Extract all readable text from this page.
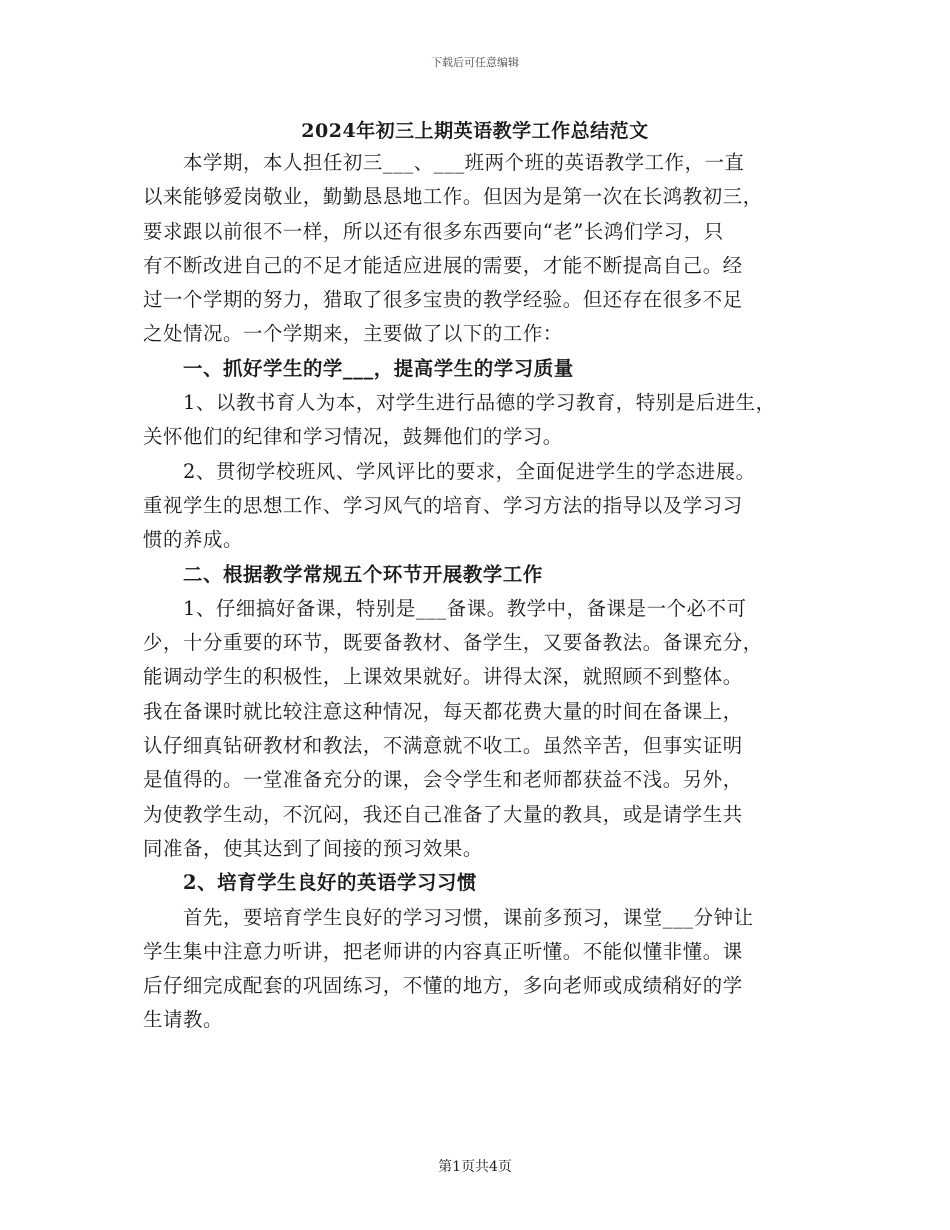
下载后可任意编辑
2024年初三上期英语教学工作总结范文
本学期，本人担任初三___、___班两个班的英语教学工作，一直
以来能够爱岗敬业，勤勤恳恳地工作。但因为是第一次在长鸿教初三，
要求跟以前很不一样，所以还有很多东西要向“老”长鸿们学习，只
有不断改进自己的不足才能适应进展的需要，才能不断提高自己。经
过一个学期的努力，猎取了很多宝贵的教学经验。但还存在很多不足
之处情况。一个学期来，主要做了以下的工作：
一、抓好学生的学___，提高学生的学习质量
1、以教书育人为本，对学生进行品德的学习教育，特别是后进生，
关怀他们的纪律和学习情况，鼓舞他们的学习。
2、贯彻学校班风、学风评比的要求，全面促进学生的学态进展。
重视学生的思想工作、学习风气的培育、学习方法的指导以及学习习
惯的养成。
二、根据教学常规五个环节开展教学工作
1、仔细搞好备课，特别是___备课。教学中，备课是一个必不可
少，十分重要的环节，既要备教材、备学生，又要备教法。备课充分，
能调动学生的积极性，上课效果就好。讲得太深，就照顾不到整体。
我在备课时就比较注意这种情况，每天都花费大量的时间在备课上，
认仔细真钻研教材和教法，不满意就不收工。虽然辛苦，但事实证明
是值得的。一堂准备充分的课，会令学生和老师都获益不浅。另外，
为使教学生动，不沉闷，我还自己准备了大量的教具，或是请学生共
同准备，使其达到了间接的预习效果。
2、培育学生良好的英语学习习惯
首先，要培育学生良好的学习习惯，课前多预习，课堂___分钟让
学生集中注意力听讲，把老师讲的内容真正听懂。不能似懂非懂。课
后仔细完成配套的巩固练习，不懂的地方，多向老师或成绩稍好的学
生请教。
第1页共4页
